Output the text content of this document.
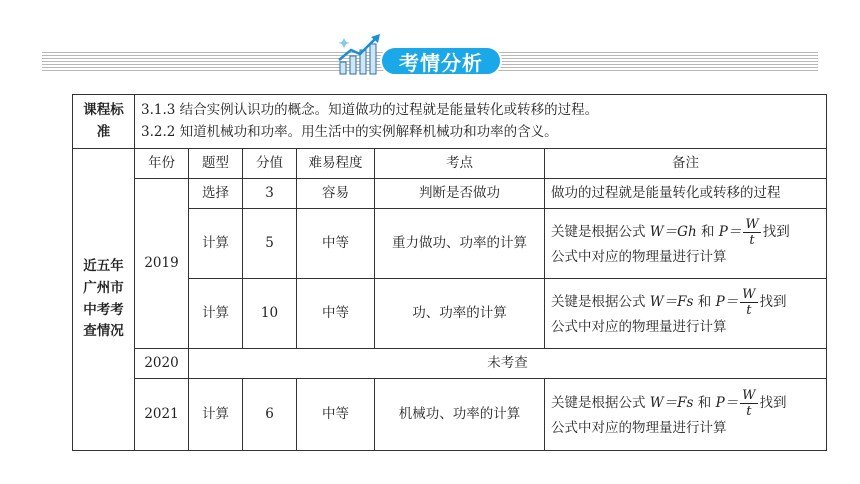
考情分析
课程标准	3.1.3 结合实例认识功的概念。知道做功的过程就是能量转化或转移的过程。
3.2.2 知道机械功和功率。用生活中的实例解释机械功和功率的含义。					

近五年广州市中考考查情况	年份	题型	分值	难易程度	考点	备注
	2019	选择	3	容易	判断是否做功	做功的过程就是能量转化或转移的过程
		计算	5	中等	重力做功、功率的计算	关键是根据公式 W＝Gh 和 $P= \frac{W}{t}$ 找到
公式中对应的物理量进行计算

		计算	10	中等	功、功率的计算	关键是根据公式 W＝Fs 和 $P= \frac{W}{t}$ 找到
公式中对应的物理量进行计算

	2020	未考查				
	2021	计算	6	中等	机械功、功率的计算	关键是根据公式 W＝Fs 和 $P= \frac{W}{t}$ 找到
公式中对应的物理量进行计算
